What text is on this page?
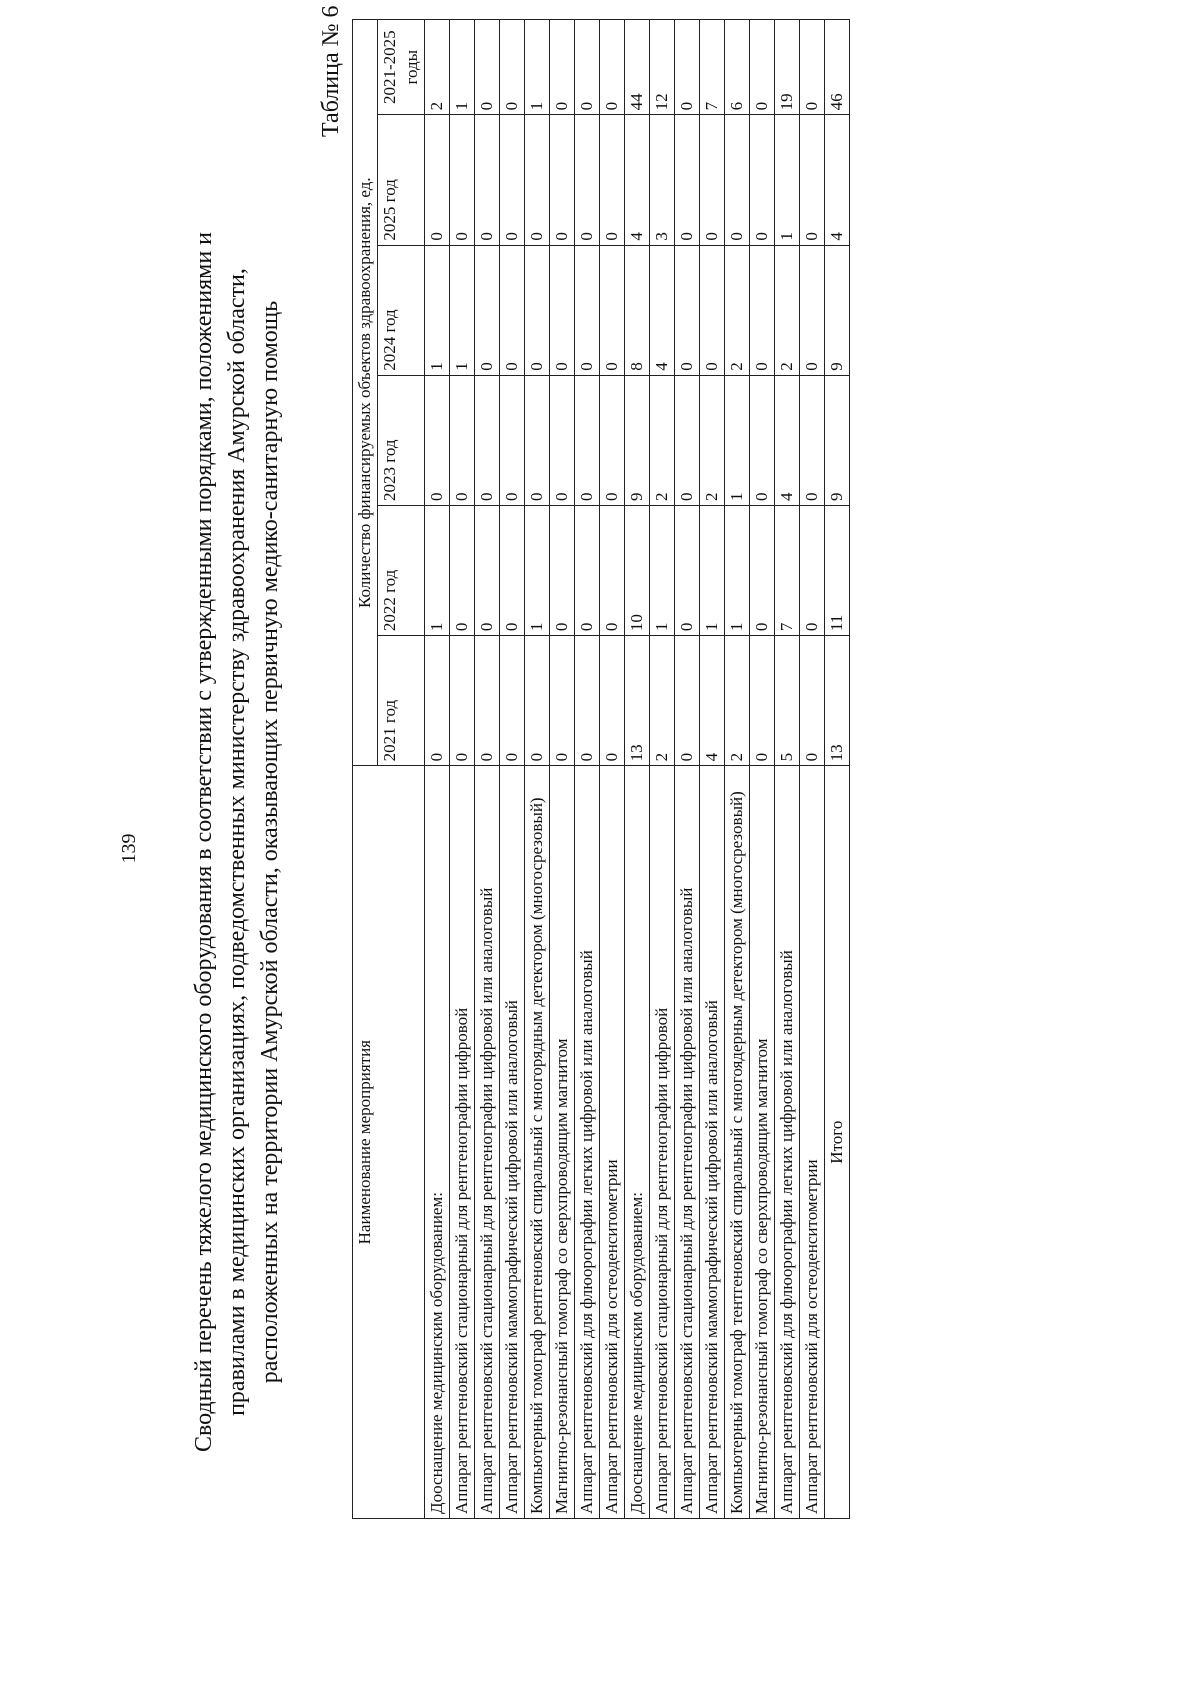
139 Сводный перечень тяжелого медицинского оборудования в соответствии с утвержденными порядками, положениями и правилами в медицинских организациях, подведомственных министерству здравоохранения Амурской области, расположенных на территории Амурской области, оказывающих первичную медико-санитарную помощь
Таблица № 6
Наименование мероприятия	Количество финансируемых объектов здравоохранения, ед.					
	2021 год	2022 год	2023 год	2024 год	2025 год	2021-2025 годы
Дооснащение медицинским оборудованием:	0	1	0	1	0	2
Аппарат рентгеновский стационарный для рентгенографии цифровой	0	0	0	1	0	1
Аппарат рентгеновский стационарный для рентгенографии цифровой или аналоговый	0	0	0	0	0	0
Аппарат рентгеновский маммографический цифровой или аналоговый	0	0	0	0	0	0
Компьютерный томограф рентгеновский спиральный с многорядным детектором (многосрезовый)	0	1	0	0	0	1
Магнитно-резонансный томограф со сверхпроводящим магнитом	0	0	0	0	0	0
Аппарат рентгеновский для флюорографии легких цифровой или аналоговый	0	0	0	0	0	0
Аппарат рентгеновский для остеоденситометрии	0	0	0	0	0	0
Дооснащение медицинским оборудованием:	13	10	9	8	4	44
Аппарат рентгеновский стационарный для рентгенографии цифровой	2	1	2	4	3	12
Аппарат рентгеновский стационарный для рентгенографии цифровой или аналоговый	0	0	0	0	0	0
Аппарат рентгеновский маммографический цифровой или аналоговый	4	1	2	0	0	7
Компьютерный томограф тентгеновский спиральный с многоядерным детектором (многосрезовый)	2	1	1	2	0	6
Магнитно-резонансный томограф со сверхпроводящим магнитом	0	0	0	0	0	0
Аппарат рентгеновский для флюорографии легких цифровой или аналоговый	5	7	4	2	1	19
Аппарат рентгеновский для остеоденситометрии	0	0	0	0	0	0
Итого	13	11	9	9	4	46
